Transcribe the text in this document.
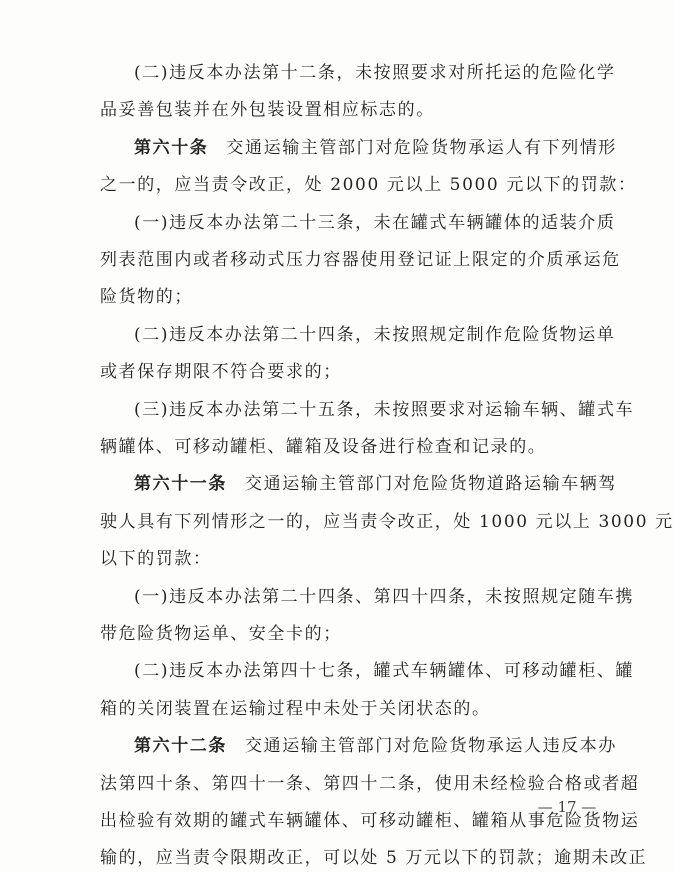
(二)违反本办法第十二条，未按照要求对所托运的危险化学
品妥善包装并在外包装设置相应标志的。
第六十条 交通运输主管部门对危险货物承运人有下列情形
之一的，应当责令改正，处 2000 元以上 5000 元以下的罚款：
(一)违反本办法第二十三条，未在罐式车辆罐体的适装介质
列表范围内或者移动式压力容器使用登记证上限定的介质承运危
险货物的；
(二)违反本办法第二十四条，未按照规定制作危险货物运单
或者保存期限不符合要求的；
(三)违反本办法第二十五条，未按照要求对运输车辆、罐式车
辆罐体、可移动罐柜、罐箱及设备进行检查和记录的。
第六十一条 交通运输主管部门对危险货物道路运输车辆驾
驶人具有下列情形之一的，应当责令改正，处 1000 元以上 3000 元
以下的罚款：
(一)违反本办法第二十四条、第四十四条，未按照规定随车携
带危险货物运单、安全卡的；
(二)违反本办法第四十七条，罐式车辆罐体、可移动罐柜、罐
箱的关闭装置在运输过程中未处于关闭状态的。
第六十二条 交通运输主管部门对危险货物承运人违反本办
法第四十条、第四十一条、第四十二条，使用未经检验合格或者超
出检验有效期的罐式车辆罐体、可移动罐柜、罐箱从事危险货物运
输的，应当责令限期改正，可以处 5 万元以下的罚款；逾期未改正
— 17 —
